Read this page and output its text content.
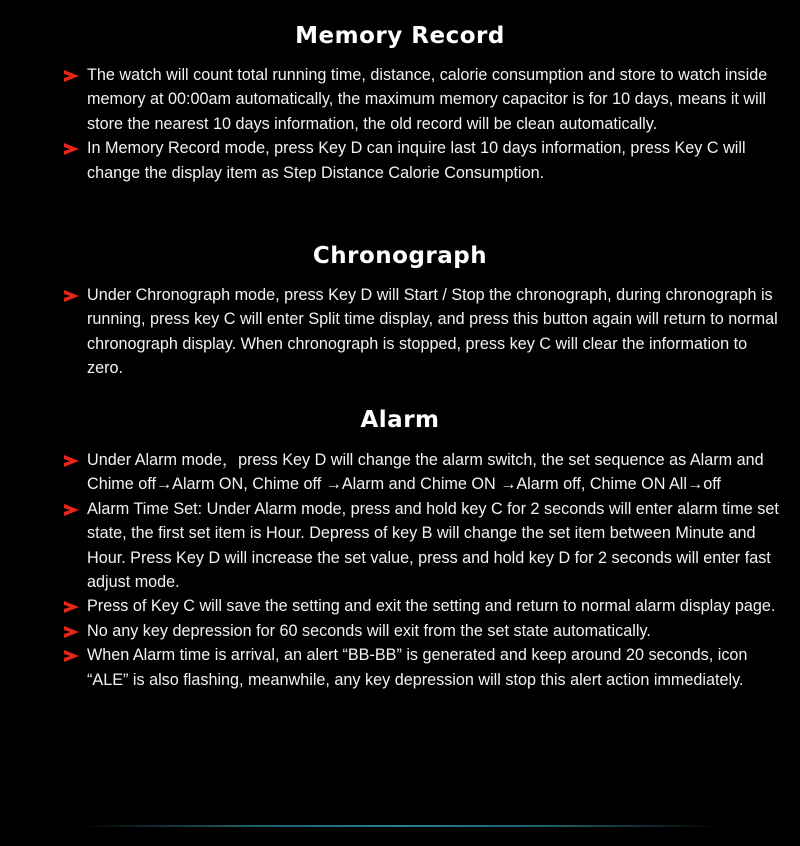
Memory Record
The watch will count total running time, distance, calorie consumption and store to watch inside memory at 00:00am automatically, the maximum memory capacitor is for 10 days, means it will store the nearest 10 days information, the old record will be clean automatically.
In Memory Record mode, press Key D can inquire last 10 days information, press Key C will change the display item as Step Distance Calorie Consumption.
Chronograph
Under Chronograph mode, press Key D will Start / Stop the chronograph, during chronograph is running, press key C will enter Split time display, and press this button again will return to normal chronograph display. When chronograph is stopped, press key C will clear the information to zero.
Alarm
Under Alarm mode，press Key D will change the alarm switch, the set sequence as Alarm and Chime off→Alarm ON, Chime off →Alarm and Chime ON →Alarm off, Chime ON All→off
Alarm Time Set: Under Alarm mode, press and hold key C for 2 seconds will enter alarm time set state, the first set item is Hour. Depress of key B will change the set item between Minute and Hour. Press Key D will increase the set value, press and hold key D for 2 seconds will enter fast adjust mode.
Press of Key C will save the setting and exit the setting and return to normal alarm display page.
No any key depression for 60 seconds will exit from the set state automatically.
When Alarm time is arrival, an alert “BB-BB” is generated and keep around 20 seconds, icon “ALE” is also flashing, meanwhile, any key depression will stop this alert action immediately.
